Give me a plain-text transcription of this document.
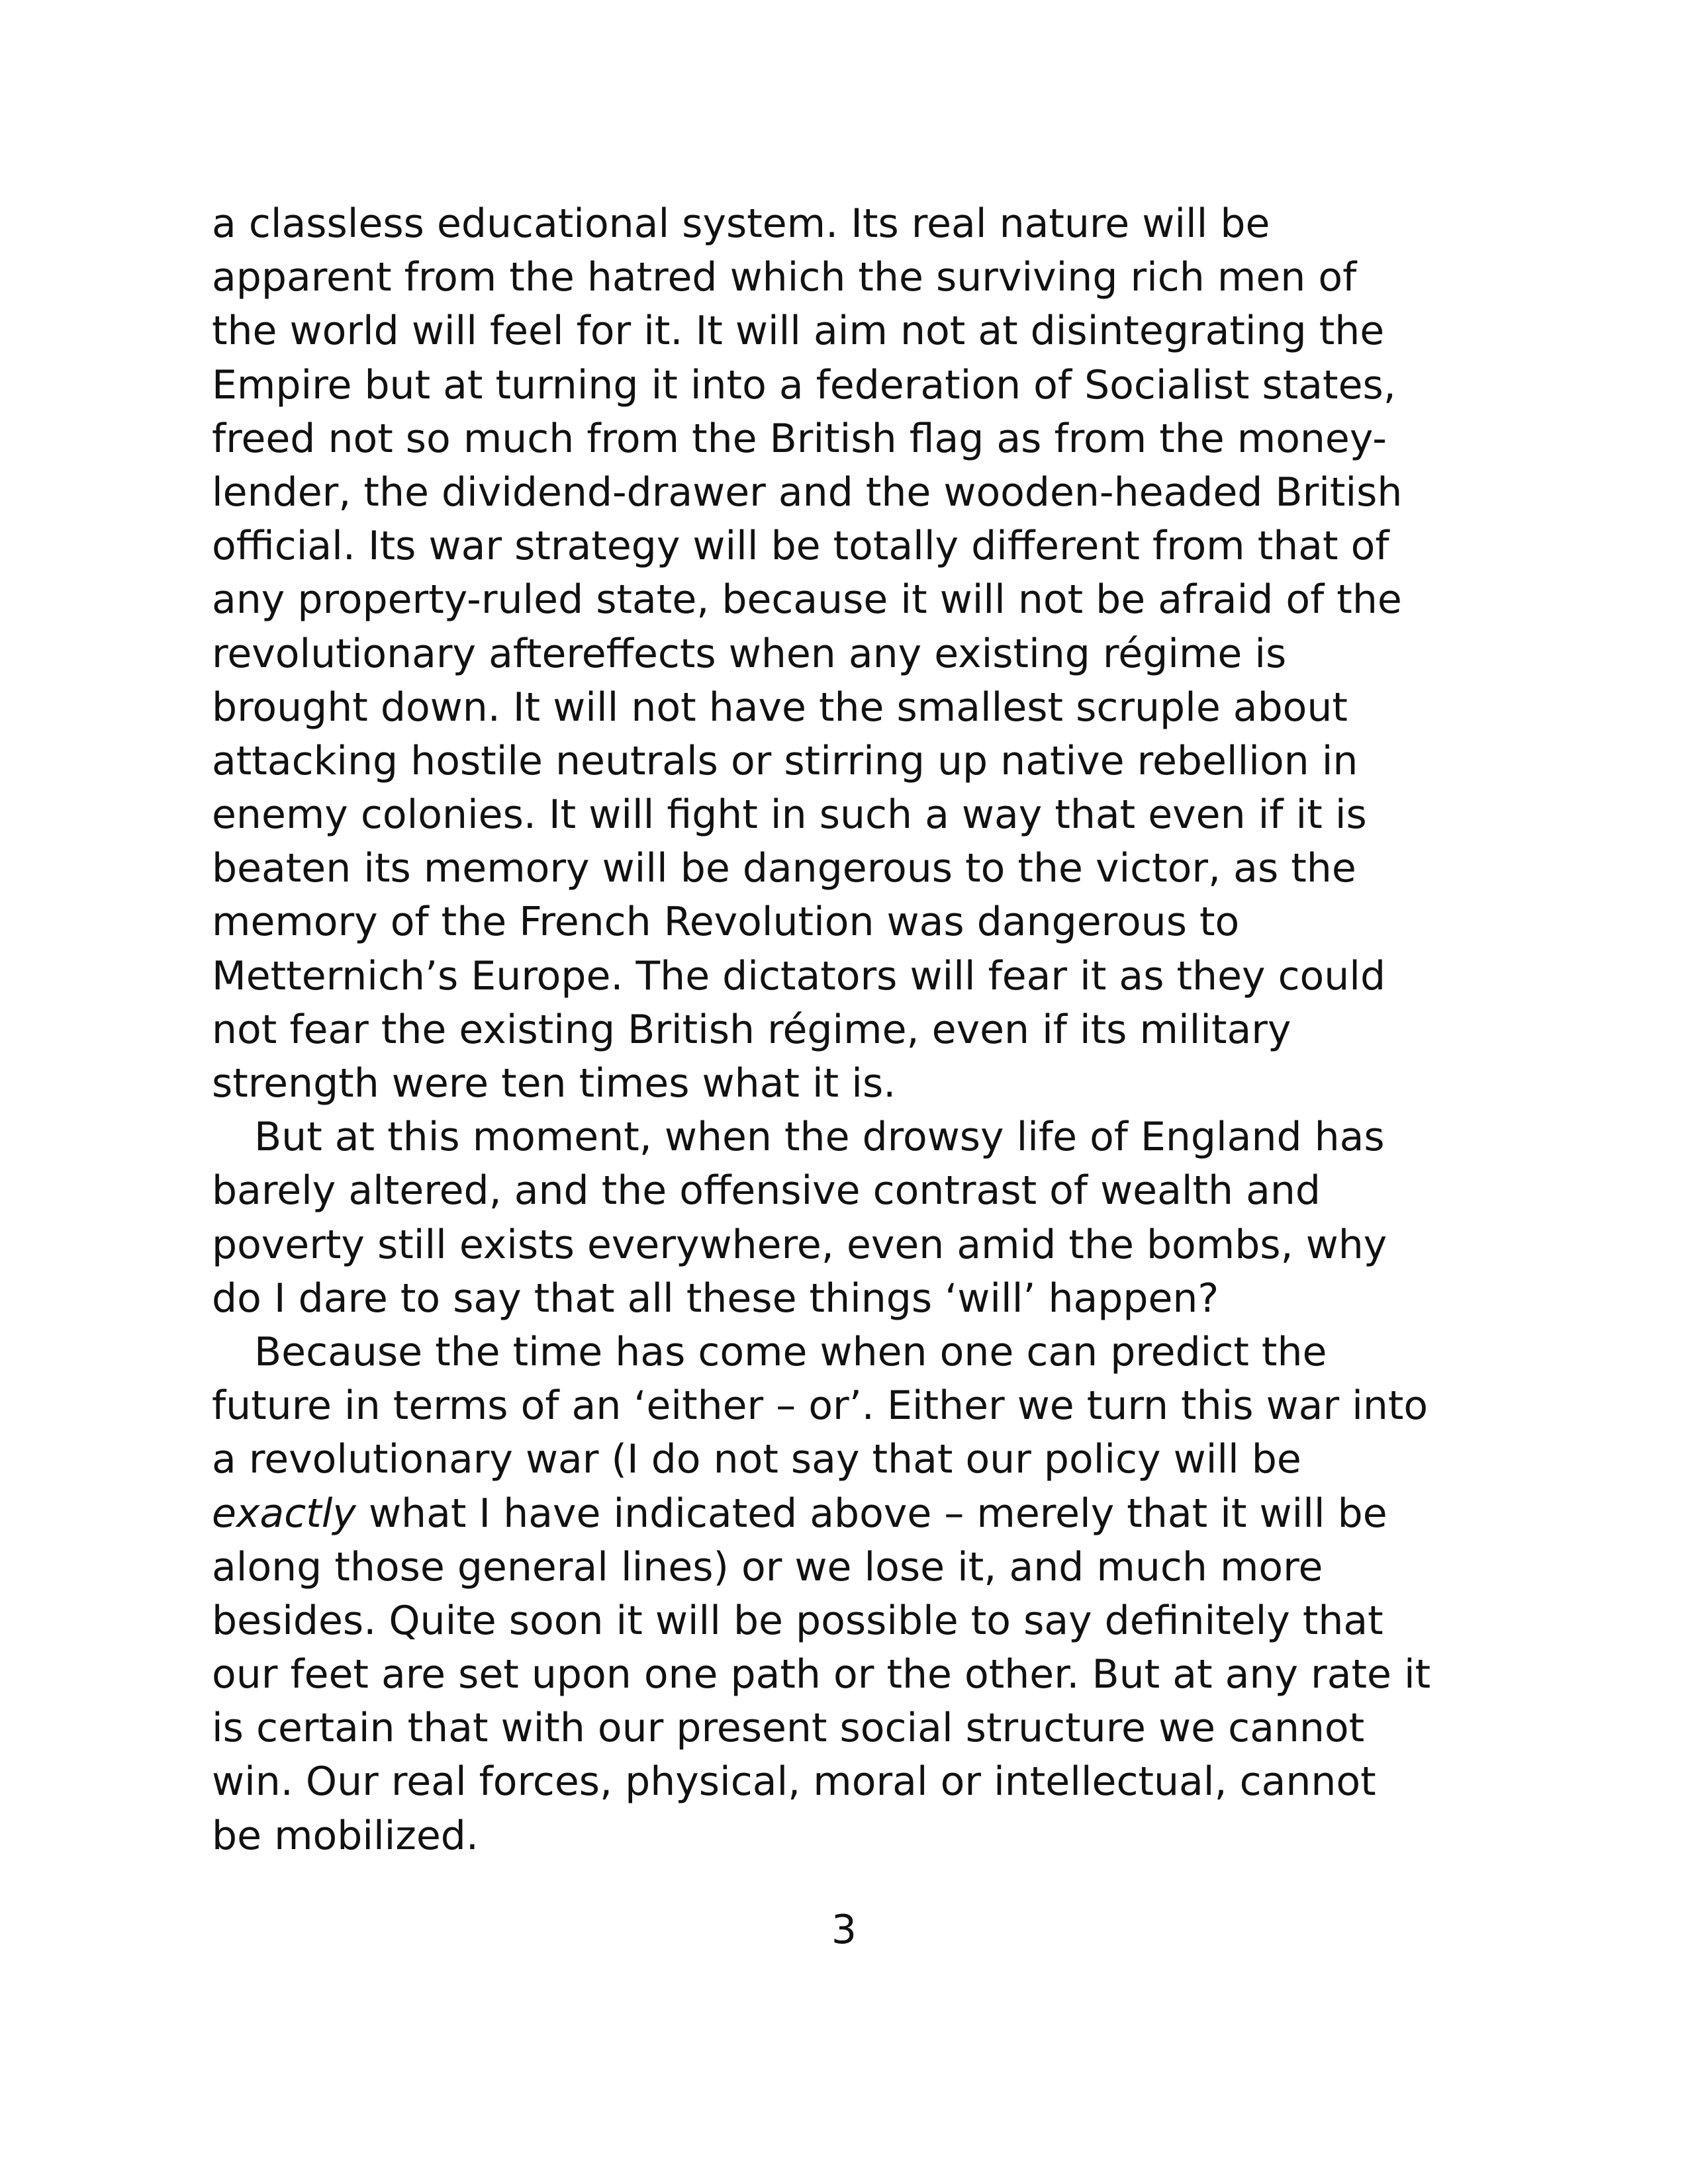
a classless educational system. Its real nature will be
apparent from the hatred which the surviving rich men of
the world will feel for it. It will aim not at disintegrating the
Empire but at turning it into a federation of Socialist states,
freed not so much from the British flag as from the money-
lender, the dividend-drawer and the wooden-headed British
official. Its war strategy will be totally different from that of
any property-ruled state, because it will not be afraid of the
revolutionary aftereffects when any existing régime is
brought down. It will not have the smallest scruple about
attacking hostile neutrals or stirring up native rebellion in
enemy colonies. It will fight in such a way that even if it is
beaten its memory will be dangerous to the victor, as the
memory of the French Revolution was dangerous to
Metternich’s Europe. The dictators will fear it as they could
not fear the existing British régime, even if its military
strength were ten times what it is.
But at this moment, when the drowsy life of England has
barely altered, and the offensive contrast of wealth and
poverty still exists everywhere, even amid the bombs, why
do I dare to say that all these things ‘will’ happen?
Because the time has come when one can predict the
future in terms of an ‘either – or’. Either we turn this war into
a revolutionary war (I do not say that our policy will be
exactly what I have indicated above – merely that it will be
along those general lines) or we lose it, and much more
besides. Quite soon it will be possible to say definitely that
our feet are set upon one path or the other. But at any rate it
is certain that with our present social structure we cannot
win. Our real forces, physical, moral or intellectual, cannot
be mobilized.
3
